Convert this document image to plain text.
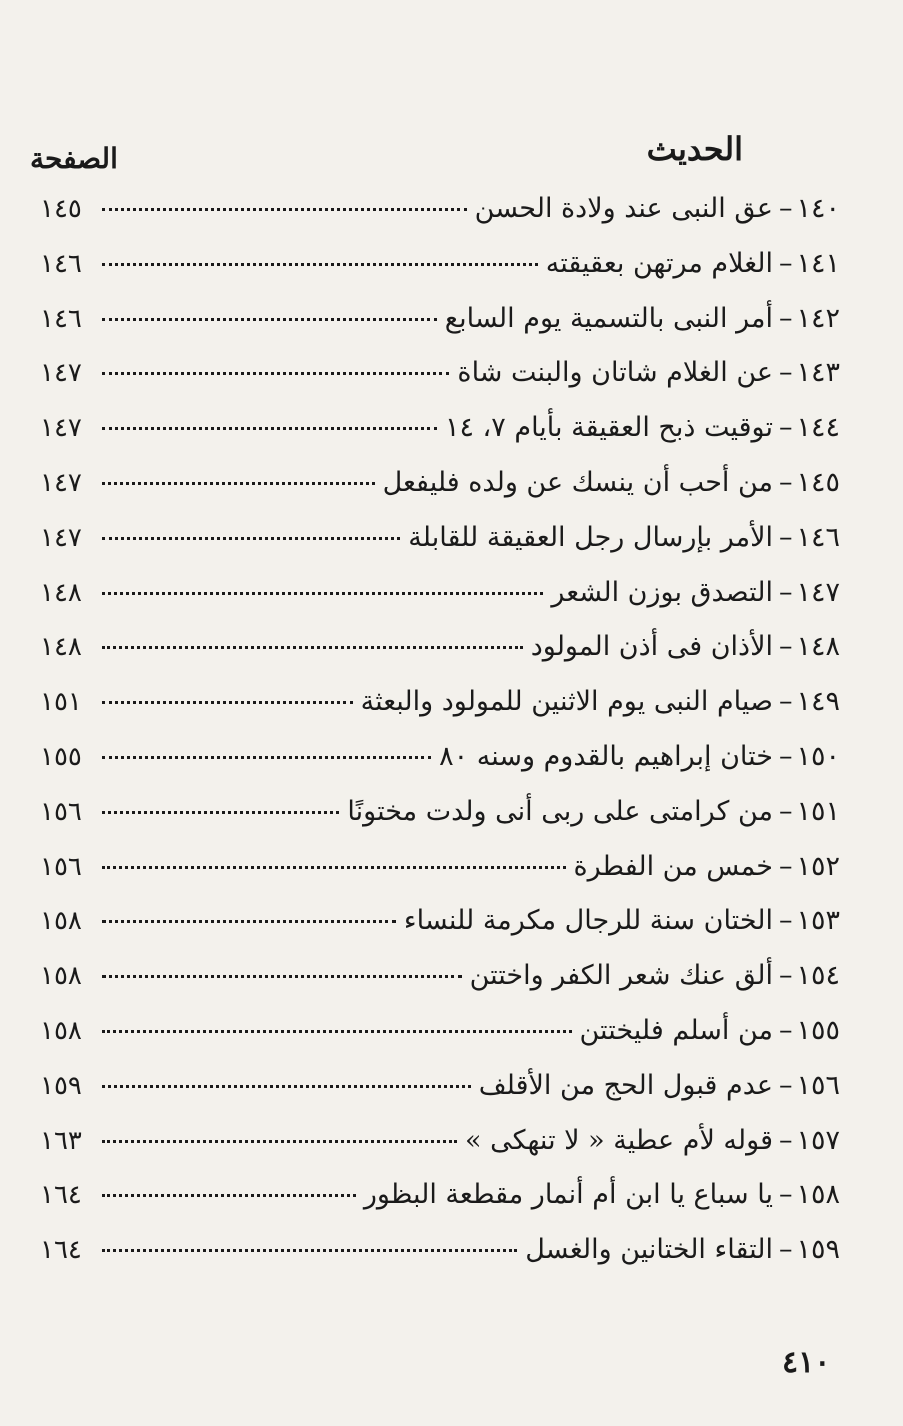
الحديث
الصفحة
١٤٠
–
عق النبى عند ولادة الحسن
١٤٥
١٤١
–
الغلام مرتهن بعقيقته
١٤٦
١٤٢
–
أمر النبى بالتسمية يوم السابع
١٤٦
١٤٣
–
عن الغلام شاتان والبنت شاة
١٤٧
١٤٤
–
توقيت ذبح العقيقة بأيام ٧، ١٤
١٤٧
١٤٥
–
من أحب أن ينسك عن ولده فليفعل
١٤٧
١٤٦
–
الأمر بإرسال رجل العقيقة للقابلة
١٤٧
١٤٧
–
التصدق بوزن الشعر
١٤٨
١٤٨
–
الأذان فى أذن المولود
١٤٨
١٤٩
–
صيام النبى يوم الاثنين للمولود والبعثة
١٥١
١٥٠
–
ختان إبراهيم بالقدوم وسنه ٨٠
١٥٥
١٥١
–
من كرامتى على ربى أنى ولدت مختونًا
١٥٦
١٥٢
–
خمس من الفطرة
١٥٦
١٥٣
–
الختان سنة للرجال مكرمة للنساء
١٥٨
١٥٤
–
ألق عنك شعر الكفر واختتن
١٥٨
١٥٥
–
من أسلم فليختتن
١٥٨
١٥٦
–
عدم قبول الحج من الأقلف
١٥٩
١٥٧
–
قوله لأم عطية « لا تنهكى »
١٦٣
١٥٨
–
يا سباع يا ابن أم أنمار مقطعة البظور
١٦٤
١٥٩
–
التقاء الختانين والغسل
١٦٤
٤١٠
